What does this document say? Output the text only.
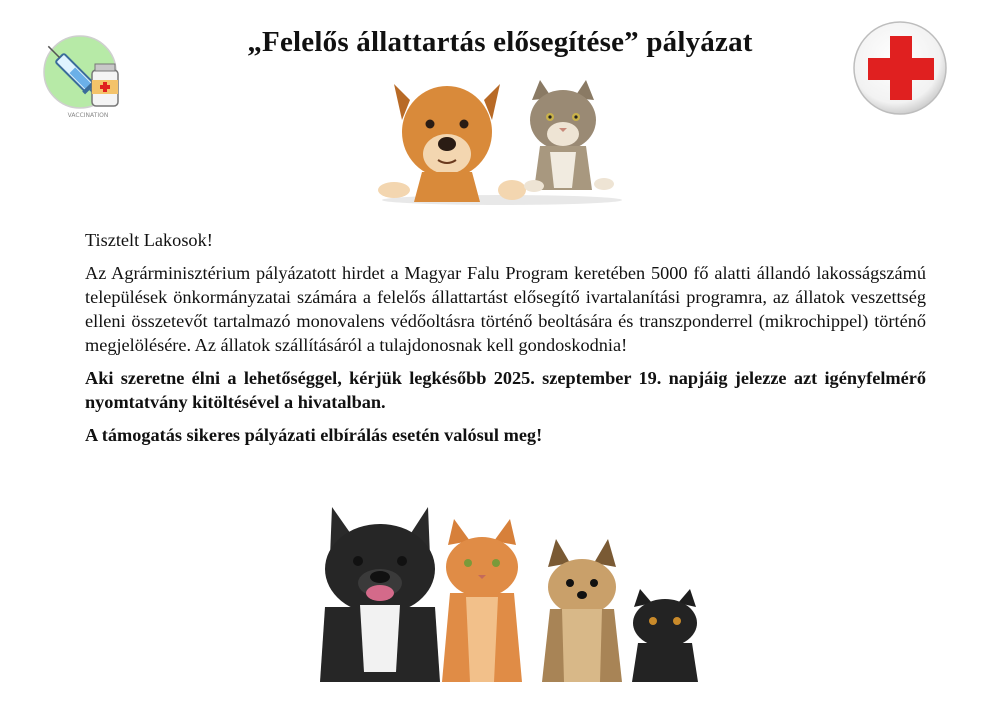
VACCINATION
„Felelős állattartás elősegítése” pályázat

Tisztelt Lakosok!

Az Agrárminisztérium pályázatott hirdet a Magyar Falu Program keretében 5000 fő alatti állandó lakosságszámú települések önkormányzatai számára a felelős állattartást elősegítő ivartalanítási programra, az állatok veszettség elleni összetevőt tartalmazó monovalens védőoltásra történő beoltására és transzponderrel (mikrochippel) történő megjelölésére. Az állatok szállításáról a tulajdonosnak kell gondoskodnia!

Aki szeretne élni a lehetőséggel, kérjük legkésőbb 2025. szeptember 19. napjáig jelezze azt igényfelmérő nyomtatvány kitöltésével a hivatalban.

A támogatás sikeres pályázati elbírálás esetén valósul meg!
